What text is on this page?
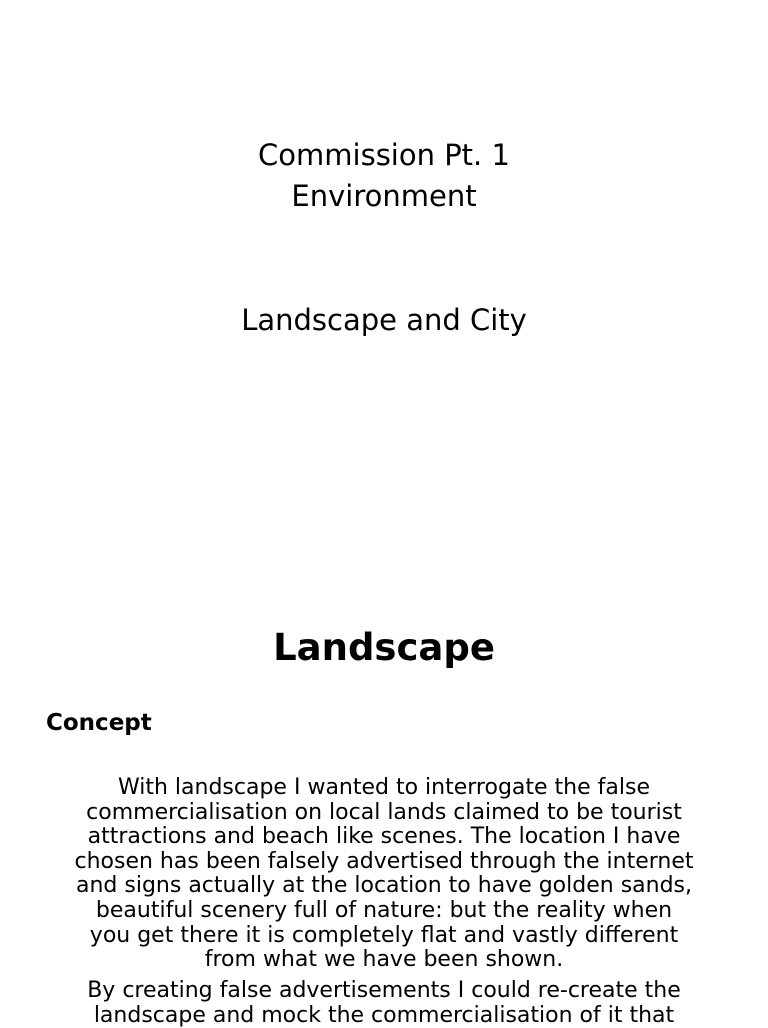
Commission Pt. 1
Environment
Landscape and City
Landscape
Concept
With landscape I wanted to interrogate the false
commercialisation on local lands claimed to be tourist
attractions and beach like scenes. The location I have
chosen has been falsely advertised through the internet
and signs actually at the location to have golden sands,
beautiful scenery full of nature: but the reality when
you get there it is completely flat and vastly different
from what we have been shown.
By creating false advertisements I could re-create the
landscape and mock the commercialisation of it that
